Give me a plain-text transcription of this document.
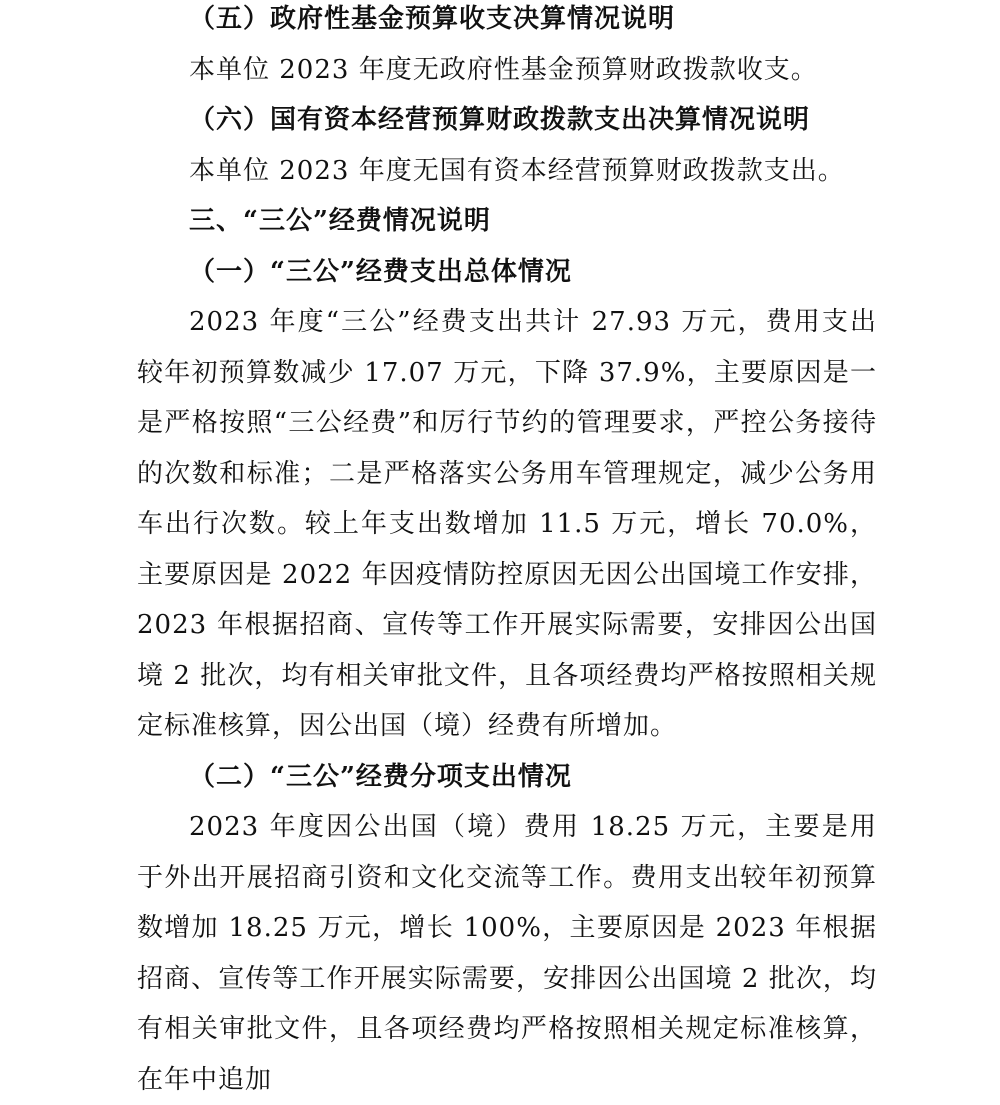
（五）政府性基金预算收支决算情况说明

本单位 2023 年度无政府性基金预算财政拨款收支。

（六）国有资本经营预算财政拨款支出决算情况说明

本单位 2023 年度无国有资本经营预算财政拨款支出。

三、“三公”经费情况说明

（一）“三公”经费支出总体情况

2023 年度“三公”经费支出共计 27.93 万元，费用支出较年初预算数减少 17.07 万元，下降 37.9%，主要原因是一是严格按照“三公经费”和厉行节约的管理要求，严控公务接待的次数和标准；二是严格落实公务用车管理规定，减少公务用车出行次数。较上年支出数增加 11.5 万元，增长 70.0%，主要原因是 2022 年因疫情防控原因无因公出国境工作安排，2023 年根据招商、宣传等工作开展实际需要，安排因公出国境 2 批次，均有相关审批文件，且各项经费均严格按照相关规定标准核算，因公出国（境）经费有所增加。

（二）“三公”经费分项支出情况

2023 年度因公出国（境）费用 18.25 万元，主要是用于外出开展招商引资和文化交流等工作。费用支出较年初预算数增加 18.25 万元，增长 100%，主要原因是 2023 年根据招商、宣传等工作开展实际需要，安排因公出国境 2 批次，均有相关审批文件，且各项经费均严格按照相关规定标准核算，在年中追加
